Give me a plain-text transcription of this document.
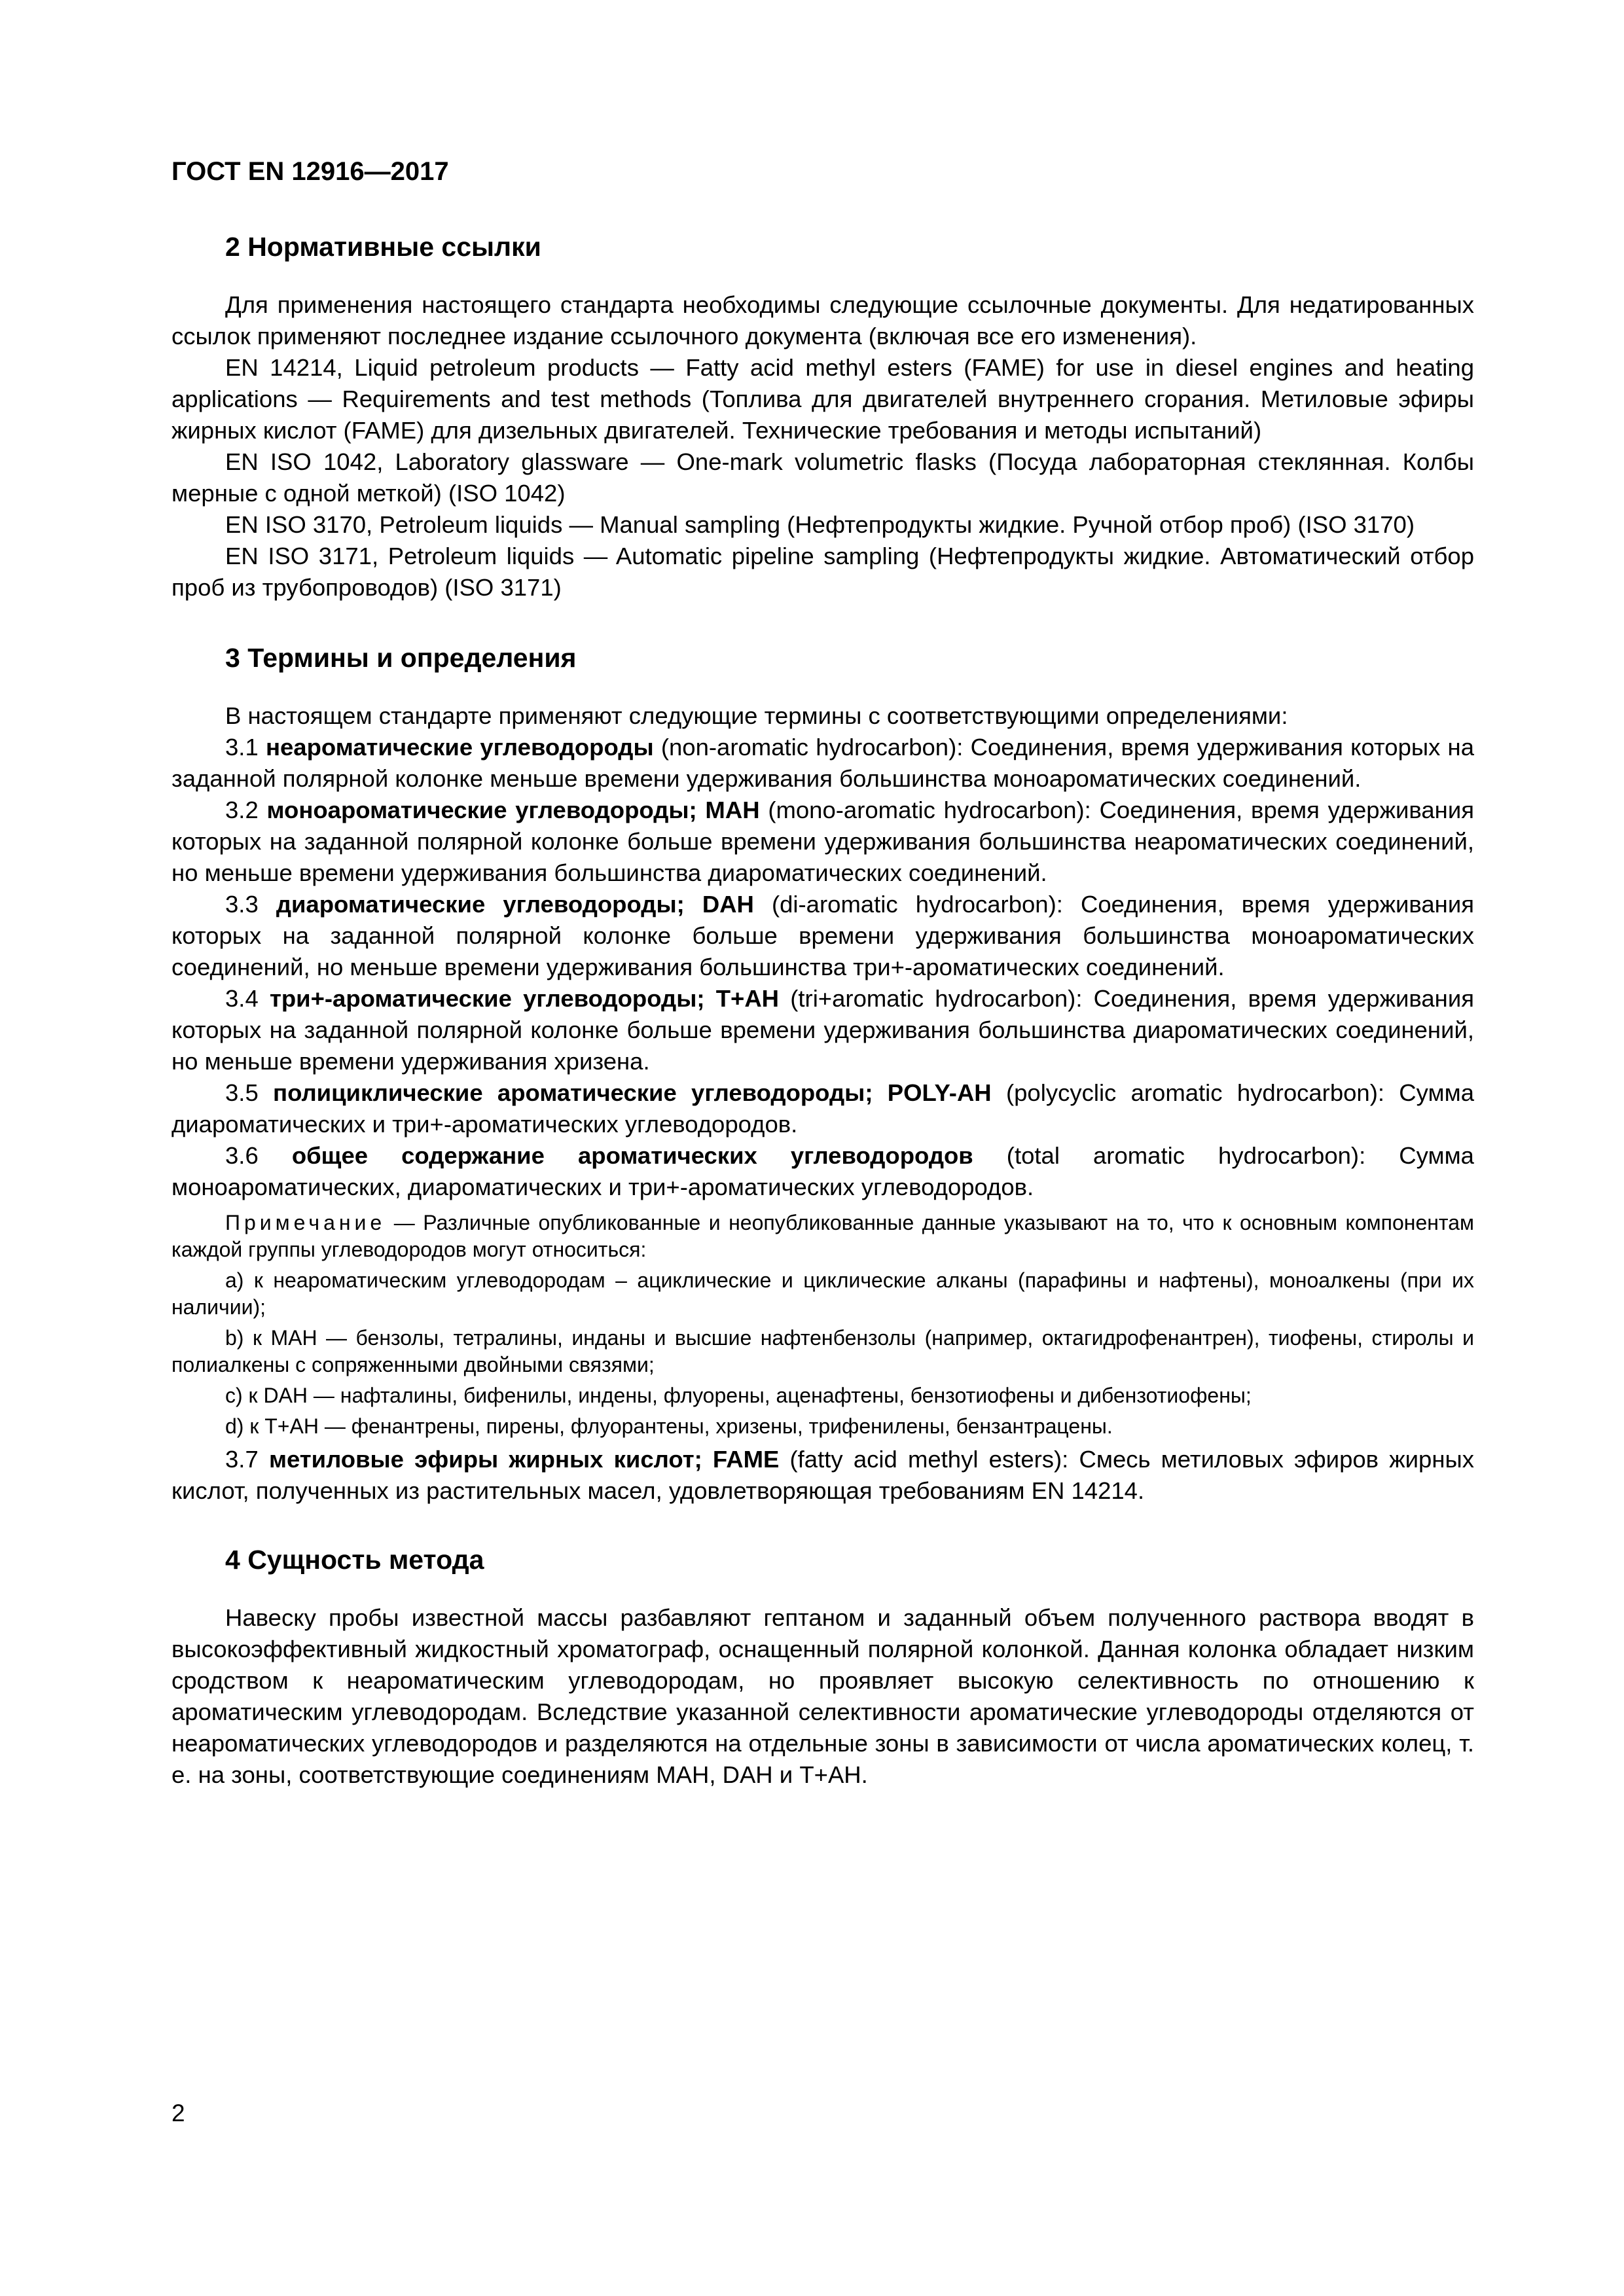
ГОСТ EN 12916—2017

2 Нормативные ссылки

Для применения настоящего стандарта необходимы следующие ссылочные документы. Для недатированных ссылок применяют последнее издание ссылочного документа (включая все его изменения).

EN 14214, Liquid petroleum products — Fatty acid methyl esters (FAME) for use in diesel engines and heating applications — Requirements and test methods (Топлива для двигателей внутреннего сгорания. Метиловые эфиры жирных кислот (FAME) для дизельных двигателей. Технические требования и методы испытаний)

EN ISO 1042, Laboratory glassware — One-mark volumetric flasks (Посуда лабораторная стеклянная. Колбы мерные с одной меткой) (ISO 1042)

EN ISO 3170, Petroleum liquids — Manual sampling (Нефтепродукты жидкие. Ручной отбор проб) (ISO 3170)

EN ISO 3171, Petroleum liquids — Automatic pipeline sampling (Нефтепродукты жидкие. Автоматический отбор проб из трубопроводов) (ISO 3171)

3 Термины и определения

В настоящем стандарте применяют следующие термины с соответствующими определениями:

3.1 неароматические углеводороды (non-aromatic hydrocarbon): Соединения, время удерживания которых на заданной полярной колонке меньше времени удерживания большинства моноароматических соединений.

3.2 моноароматические углеводороды; МАН (mono-aromatic hydrocarbon): Соединения, время удерживания которых на заданной полярной колонке больше времени удерживания большинства неароматических соединений, но меньше времени удерживания большинства диароматических соединений.

3.3 диароматические углеводороды; DAH (di-aromatic hydrocarbon): Соединения, время удерживания которых на заданной полярной колонке больше времени удерживания большинства моноароматических соединений, но меньше времени удерживания большинства три+-ароматических соединений.

3.4 три+-ароматические углеводороды; T+AH (tri+aromatic hydrocarbon): Соединения, время удерживания которых на заданной полярной колонке больше времени удерживания большинства диароматических соединений, но меньше времени удерживания хризена.

3.5 полициклические ароматические углеводороды; POLY-AH (polycyclic aromatic hydrocarbon): Сумма диароматических и три+-ароматических углеводородов.

3.6 общее содержание ароматических углеводородов (total aromatic hydrocarbon): Сумма моноароматических, диароматических и три+-ароматических углеводородов.

Примечание — Различные опубликованные и неопубликованные данные указывают на то, что к основным компонентам каждой группы углеводородов могут относиться:

a) к неароматическим углеводородам – ациклические и циклические алканы (парафины и нафтены), моноалкены (при их наличии);

b) к МАН — бензолы, тетралины, инданы и высшие нафтенбензолы (например, октагидрофенантрен), тиофены, стиролы и полиалкены с сопряженными двойными связями;

c) к DAH — нафталины, бифенилы, индены, флуорены, аценафтены, бензотиофены и дибензотиофены;

d) к T+AH — фенантрены, пирены, флуорантены, хризены, трифенилены, бензантрацены.

3.7 метиловые эфиры жирных кислот; FAME (fatty acid methyl esters): Смесь метиловых эфиров жирных кислот, полученных из растительных масел, удовлетворяющая требованиям EN 14214.

4 Сущность метода

Навеску пробы известной массы разбавляют гептаном и заданный объем полученного раствора вводят в высокоэффективный жидкостный хроматограф, оснащенный полярной колонкой. Данная колонка обладает низким сродством к неароматическим углеводородам, но проявляет высокую селективность по отношению к ароматическим углеводородам. Вследствие указанной селективности ароматические углеводороды отделяются от неароматических углеводородов и разделяются на отдельные зоны в зависимости от числа ароматических колец, т. е. на зоны, соответствующие соединениям МАН, DAH и T+AH.

2
